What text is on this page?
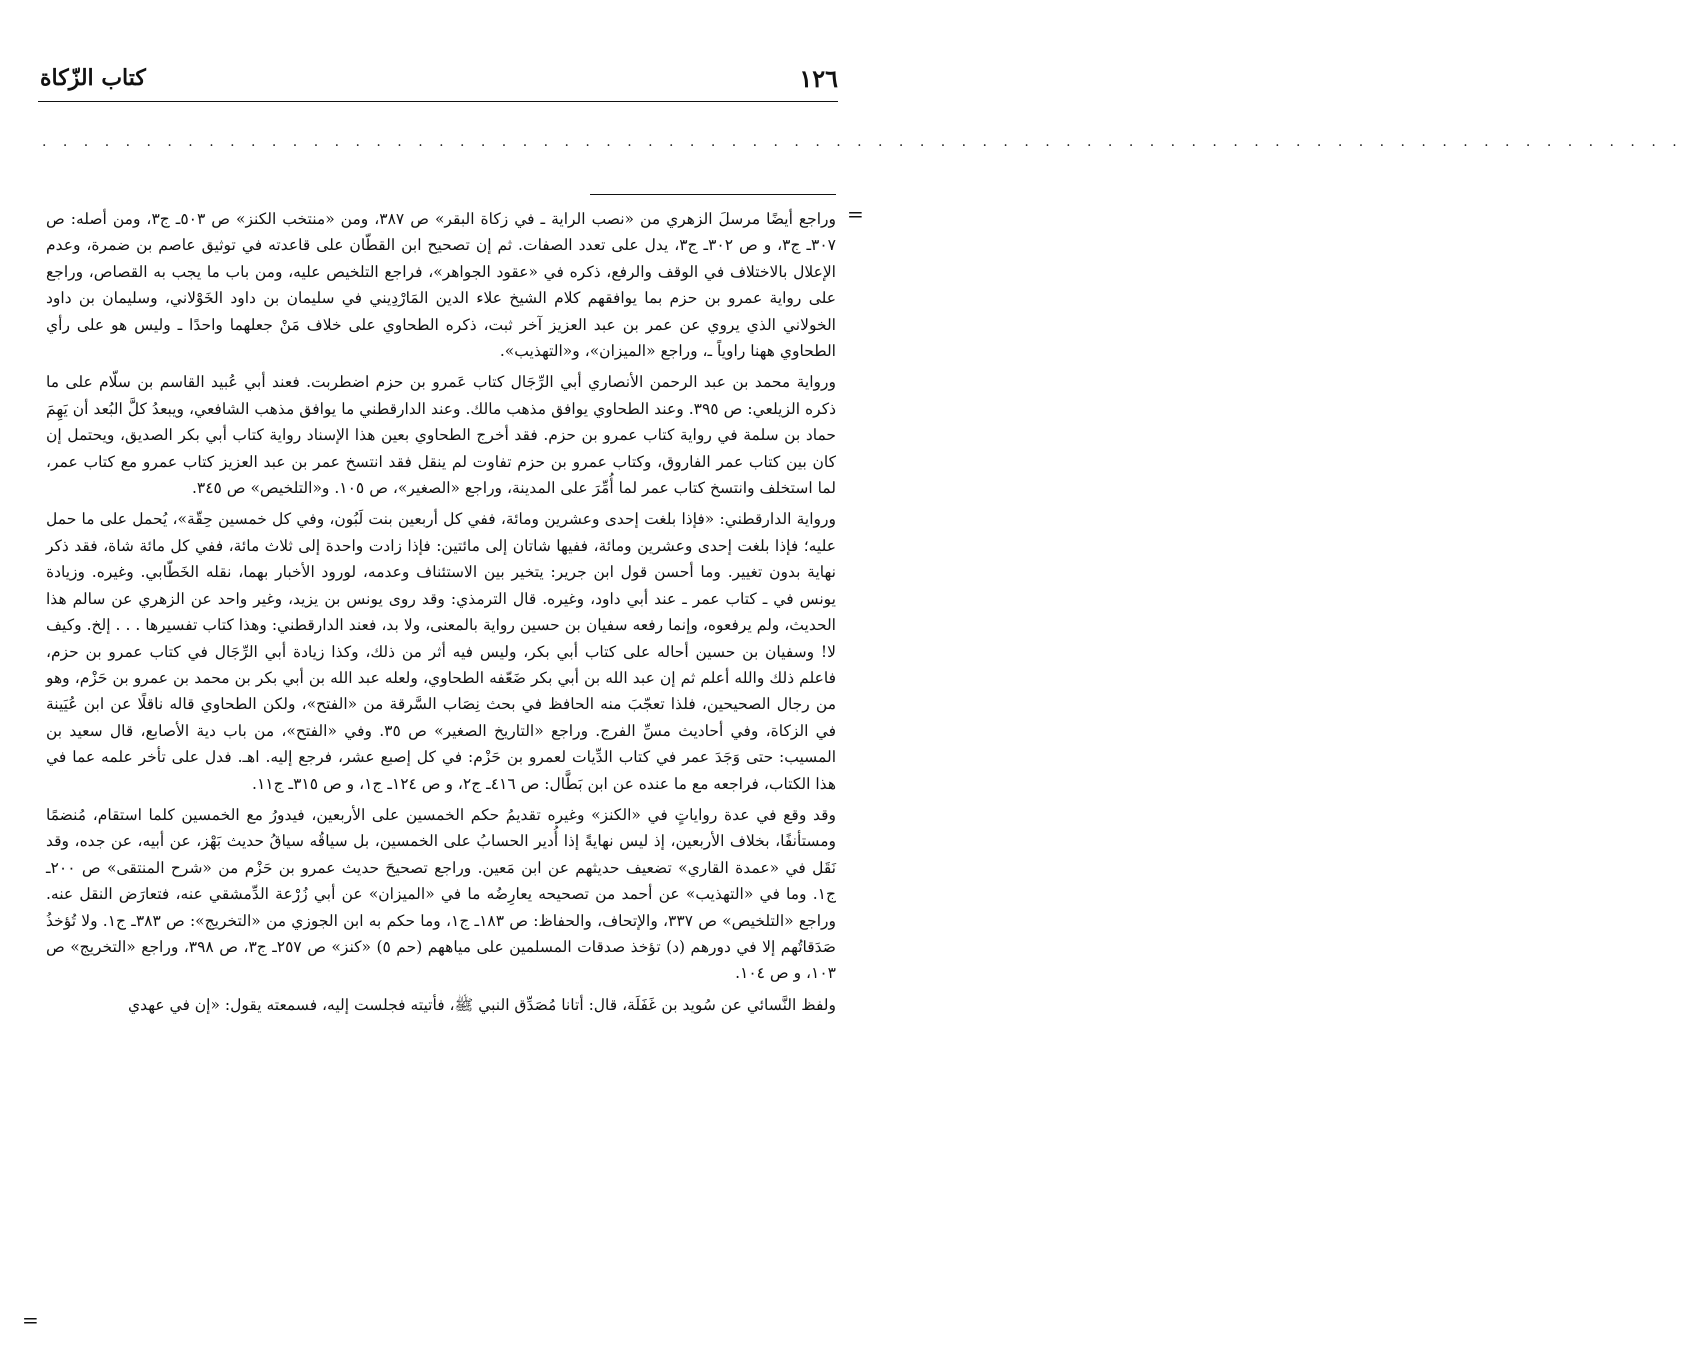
١٢٦
كتاب الزّكاة
. . . . . . . . . . . . . . . . . . . . . . . . . . . . . . . . . . . . . . . . . . . . . . . . . . . . . . . . . . . . . . . . . . . . . . . . . . . . . . .
=

وراجع أيضًا مرسلَ الزهري من «نصب الراية ـ في زكاة البقر» ص ٣٨٧، ومن «منتخب الكنز» ص ٥٠٣ـ ج٣، ومن أصله: ص ٣٠٧ـ ج٣، و ص ٣٠٢ـ ج٣، يدل على تعدد الصفات. ثم إن تصحيح ابن القطّان على قاعدته في توثيق عاصم بن ضمرة، وعدم الإعلال بالاختلاف في الوقف والرفع، ذكره في «عقود الجواهر»، فراجع التلخيص عليه، ومن باب ما يجب به القصاص، وراجع على رواية عمرو بن حزم بما يوافقهم كلام الشيخ علاء الدين المَارْدِيني في سليمان بن داود الخَوْلاني، وسليمان بن داود الخولاني الذي يروي عن عمر بن عبد العزيز آخر ثبت، ذكره الطحاوي على خلاف مَنْ جعلهما واحدًا ـ وليس هو على رأي الطحاوي ههنا راوياً ـ، وراجع «الميزان»، و«التهذيب».

ورواية محمد بن عبد الرحمن الأنصاري أبي الرِّجَال كتاب عَمرو بن حزم اضطربت. فعند أبي عُبيد القاسم بن سلّام على ما ذكره الزيلعي: ص ٣٩٥. وعند الطحاوي يوافق مذهب مالك. وعند الدارقطني ما يوافق مذهب الشافعي، ويبعدُ كلَّ البُعد أن يَهِمَ حماد بن سلمة في رواية كتاب عمرو بن حزم. فقد أخرج الطحاوي بعين هذا الإسناد رواية كتاب أبي بكر الصديق، ويحتمل إن كان بين كتاب عمر الفاروق، وكتاب عمرو بن حزم تفاوت لم ينقل فقد انتسخ عمر بن عبد العزيز كتاب عمرو مع كتاب عمر، لما استخلف وانتسخ كتاب عمر لما أُمِّرَ على المدينة، وراجع «الصغير»، ص ١٠٥. و«التلخيص» ص ٣٤٥.

ورواية الدارقطني: «فإذا بلغت إحدى وعشرين ومائة، ففي كل أربعين بنت لَبُون، وفي كل خمسين حِقّة»، يُحمل على ما حمل عليه؛ فإذا بلغت إحدى وعشرين ومائة، ففيها شاتان إلى مائتين: فإذا زادت واحدة إلى ثلاث مائة، ففي كل مائة شاة، فقد ذكر نهاية بدون تغيير. وما أحسن قول ابن جرير: يتخير بين الاستئناف وعدمه، لورود الأخبار بهما، نقله الخَطّابي. وغيره. وزيادة يونس في ـ كتاب عمر ـ عند أبي داود، وغيره. قال الترمذي: وقد روى يونس بن يزيد، وغير واحد عن الزهري عن سالم هذا الحديث، ولم يرفعوه، وإنما رفعه سفيان بن حسين رواية بالمعنى، ولا بد، فعند الدارقطني: وهذا كتاب تفسيرها . . . إلخ. وكيف لا! وسفيان بن حسين أحاله على كتاب أبي بكر، وليس فيه أثر من ذلك، وكذا زيادة أبي الرِّجَال في كتاب عمرو بن حزم، فاعلم ذلك والله أعلم ثم إن عبد الله بن أبي بكر ضَعّفه الطحاوي، ولعله عبد الله بن أبي بكر بن محمد بن عمرو بن حَزْم، وهو من رجال الصحيحين، فلذا تعجّبَ منه الحافظ في بحث نِصَاب السَّرقة من «الفتح»، ولكن الطحاوي قاله ناقلًا عن ابن عُيَينة في الزكاة، وفي أحاديث مسِّ الفرج. وراجع «التاريخ الصغير» ص ٣٥. وفي «الفتح»، من باب دية الأصابع، قال سعيد بن المسيب: حتى وَجَدَ عمر في كتاب الدِّيات لعمرو بن حَزْم: في كل إصبع عشر، فرجع إليه. اهـ. فدل على تأخر علمه عما في هذا الكتاب، فراجعه مع ما عنده عن ابن بَطَّال: ص ٤١٦ـ ج٢، و ص ١٢٤ـ ج١، و ص ٣١٥ـ ج١١.

وقد وقع في عدة رواياتٍ في «الكنز» وغيره تقديمُ حكم الخمسين على الأربعين، فيدورُ مع الخمسين كلما استقام، مُنضمًا ومستأنفًا، بخلاف الأربعين، إذ ليس نهايةً إذا أُدير الحسابُ على الخمسين، بل سياقُه سياقُ حديث بَهْز، عن أبيه، عن جده، وقد نَقَل في «عمدة القاري» تضعيف حديثهم عن ابن مَعين. وراجع تصحيحَ حديث عمرو بن حَزْم من «شرح المنتقى» ص ٢٠٠ـ ج١. وما في «التهذيب» عن أحمد من تصحيحه يعارِضُه ما في «الميزان» عن أبي زُرْعة الدِّمشقي عنه، فتعارَض النقل عنه. وراجع «التلخيص» ص ٣٣٧، والإتحاف، والحفاظ: ص ١٨٣ـ ج١، وما حكم به ابن الجوزي من «التخريج»: ص ٣٨٣ـ ج١. ولا تُؤخذُ صَدَقاتُهم إلا في دورهم (د) تؤخذ صدقات المسلمين على مياههم (حم ٥) «كنز» ص ٢٥٧ـ ج٣، ص ٣٩٨، وراجع «التخريج» ص ١٠٣، و ص ١٠٤.

ولفظ النَّسائي عن سُويد بن غَفَلَة، قال: أتانا مُصَدِّق النبي ﷺ، فأتيته فجلست إليه، فسمعته يقول: «إن في عهدي

=
